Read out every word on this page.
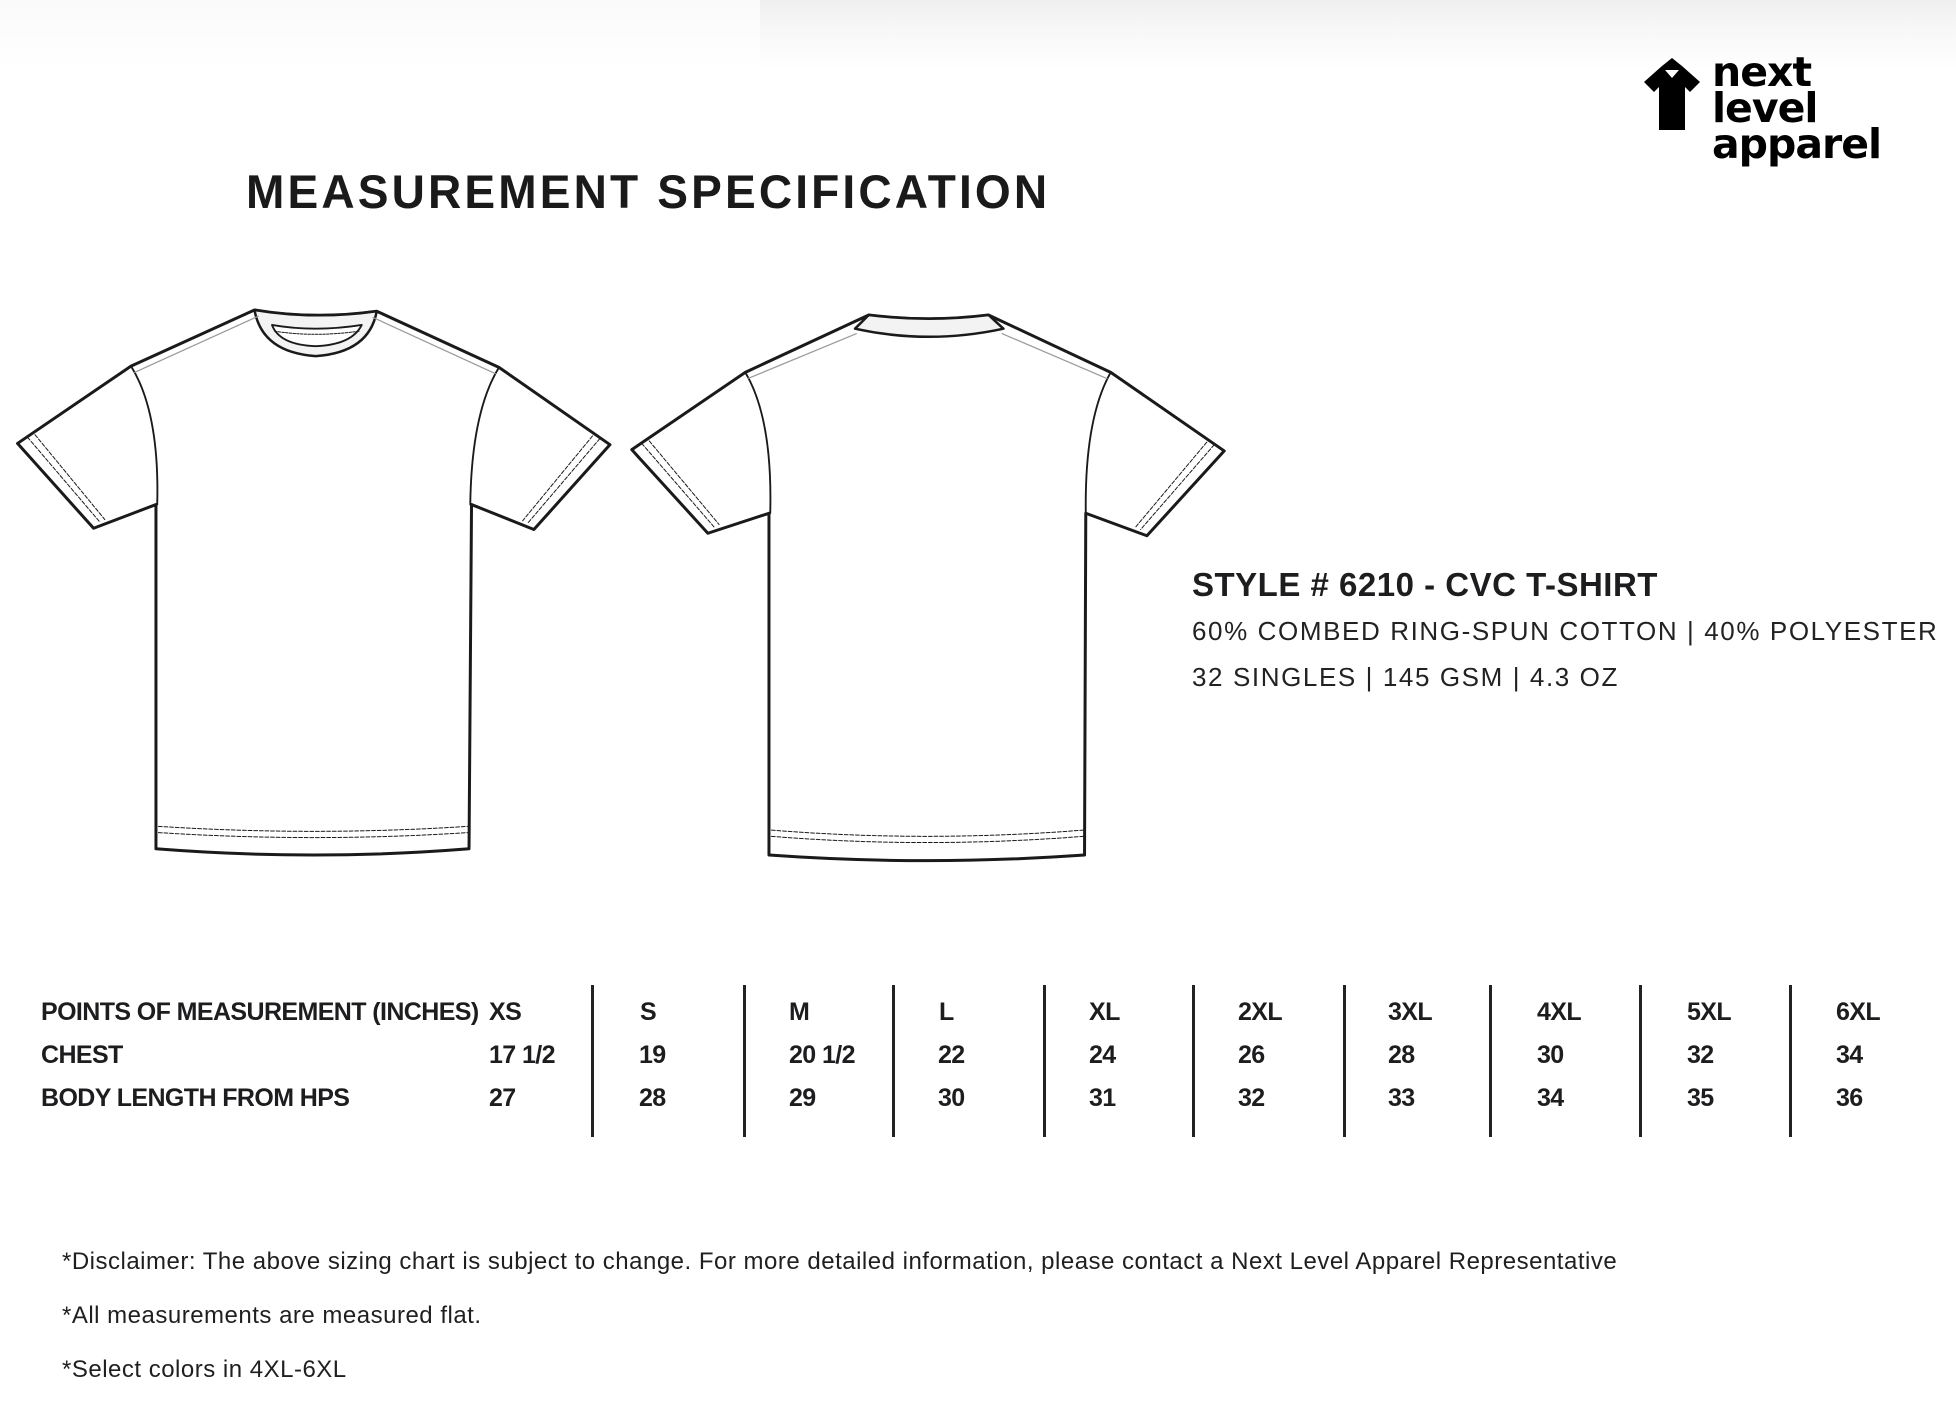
next level
apparel
MEASUREMENT SPECIFICATION

STYLE # 6210 - CVC T-SHIRT

60% COMBED RING-SPUN COTTON | 40% POLYESTER

32 SINGLES | 145 GSM | 4.3 OZ

POINTS OF MEASUREMENT (INCHES) XS	S	M	L	XL	2XL	3XL	4XL	5XL	6XL
CHEST	17 1/2	19	20 1/2	22	24	26	28	30	32	34
BODY LENGTH FROM HPS	27	28	29	30	31	32	33	34	35	36

*Disclaimer: The above sizing chart is subject to change. For more detailed information, please contact a Next Level Apparel Representative

*All measurements are measured flat.

*Select colors in 4XL-6XL
